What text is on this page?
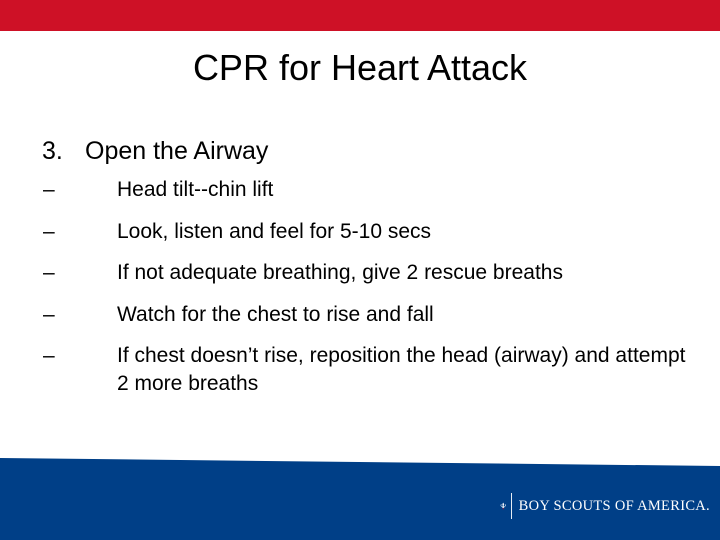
CPR for Heart Attack
3. Open the Airway
–	Head tilt--chin lift
–	Look, listen and feel for 5-10 secs
–	If not adequate breathing, give 2 rescue breaths
–	Watch for the chest to rise and fall
–	If chest doesn’t rise, reposition the head (airway) and attempt 2 more breaths
BOY SCOUTS OF AMERICA.
